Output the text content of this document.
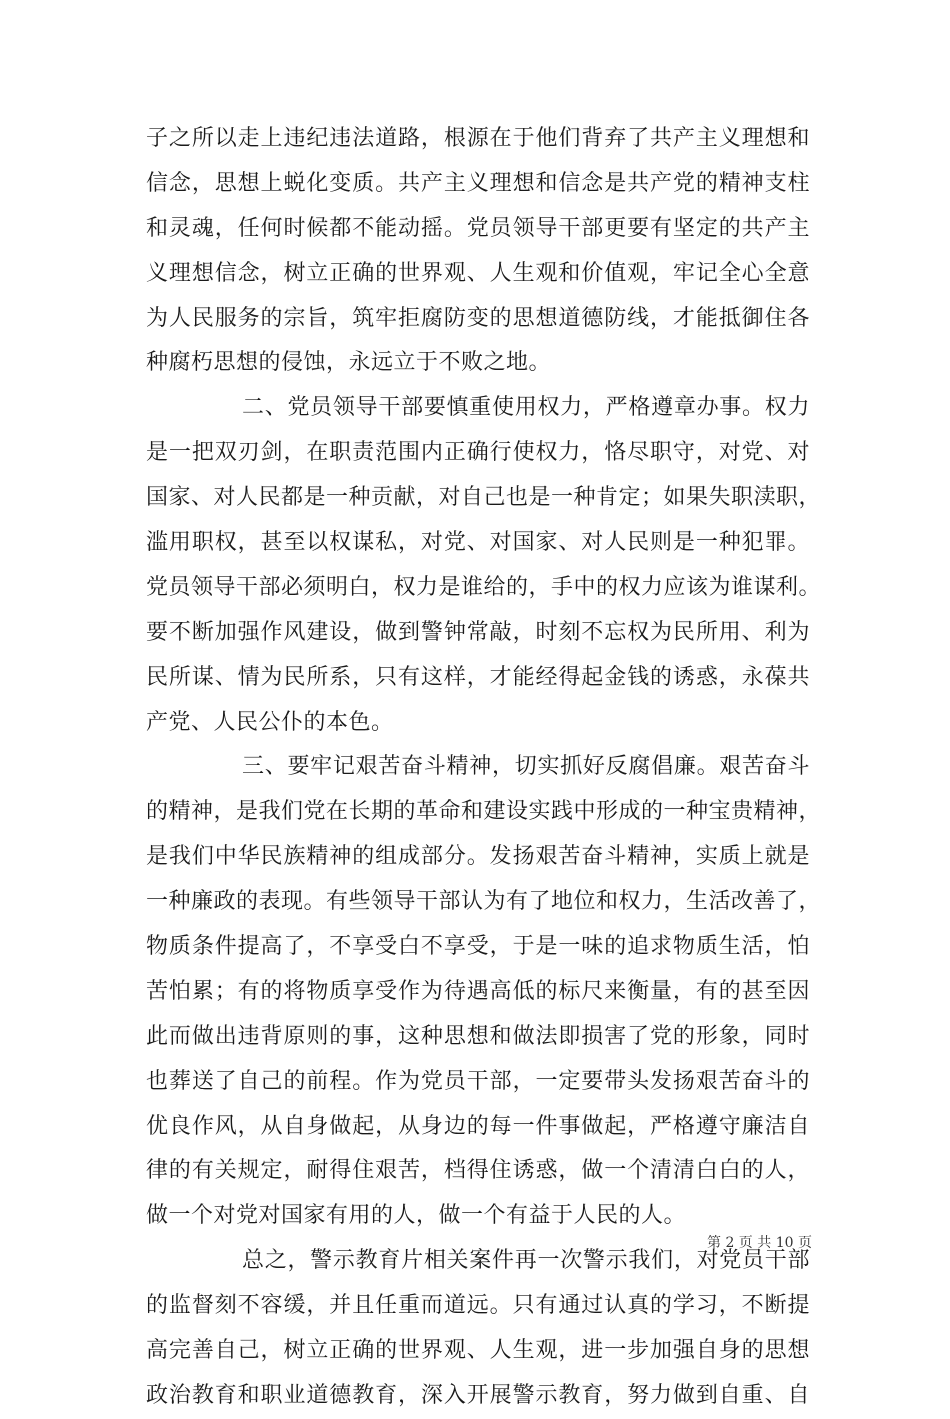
子之所以走上违纪违法道路，根源在于他们背弃了共产主义理想和
信念，思想上蜕化变质。共产主义理想和信念是共产党的精神支柱
和灵魂，任何时候都不能动摇。党员领导干部更要有坚定的共产主
义理想信念，树立正确的世界观、人生观和价值观，牢记全心全意
为人民服务的宗旨，筑牢拒腐防变的思想道德防线，才能抵御住各
种腐朽思想的侵蚀，永远立于不败之地。
二、党员领导干部要慎重使用权力，严格遵章办事。权力
是一把双刃剑，在职责范围内正确行使权力，恪尽职守，对党、对
国家、对人民都是一种贡献，对自己也是一种肯定；如果失职渎职，
滥用职权，甚至以权谋私，对党、对国家、对人民则是一种犯罪。
党员领导干部必须明白，权力是谁给的，手中的权力应该为谁谋利。
要不断加强作风建设，做到警钟常敲，时刻不忘权为民所用、利为
民所谋、情为民所系，只有这样，才能经得起金钱的诱惑，永葆共
产党、人民公仆的本色。
三、要牢记艰苦奋斗精神，切实抓好反腐倡廉。艰苦奋斗
的精神，是我们党在长期的革命和建设实践中形成的一种宝贵精神，
是我们中华民族精神的组成部分。发扬艰苦奋斗精神，实质上就是
一种廉政的表现。有些领导干部认为有了地位和权力，生活改善了，
物质条件提高了，不享受白不享受，于是一味的追求物质生活，怕
苦怕累；有的将物质享受作为待遇高低的标尺来衡量，有的甚至因
此而做出违背原则的事，这种思想和做法即损害了党的形象，同时
也葬送了自己的前程。作为党员干部，一定要带头发扬艰苦奋斗的
优良作风，从自身做起，从身边的每一件事做起，严格遵守廉洁自
律的有关规定，耐得住艰苦，档得住诱惑，做一个清清白白的人，
做一个对党对国家有用的人，做一个有益于人民的人。
总之，警示教育片相关案件再一次警示我们，对党员干部
的监督刻不容缓，并且任重而道远。只有通过认真的学习，不断提
高完善自己，树立正确的世界观、人生观，进一步加强自身的思想
政治教育和职业道德教育，深入开展警示教育，努力做到自重、自
第 2 页 共 10 页
